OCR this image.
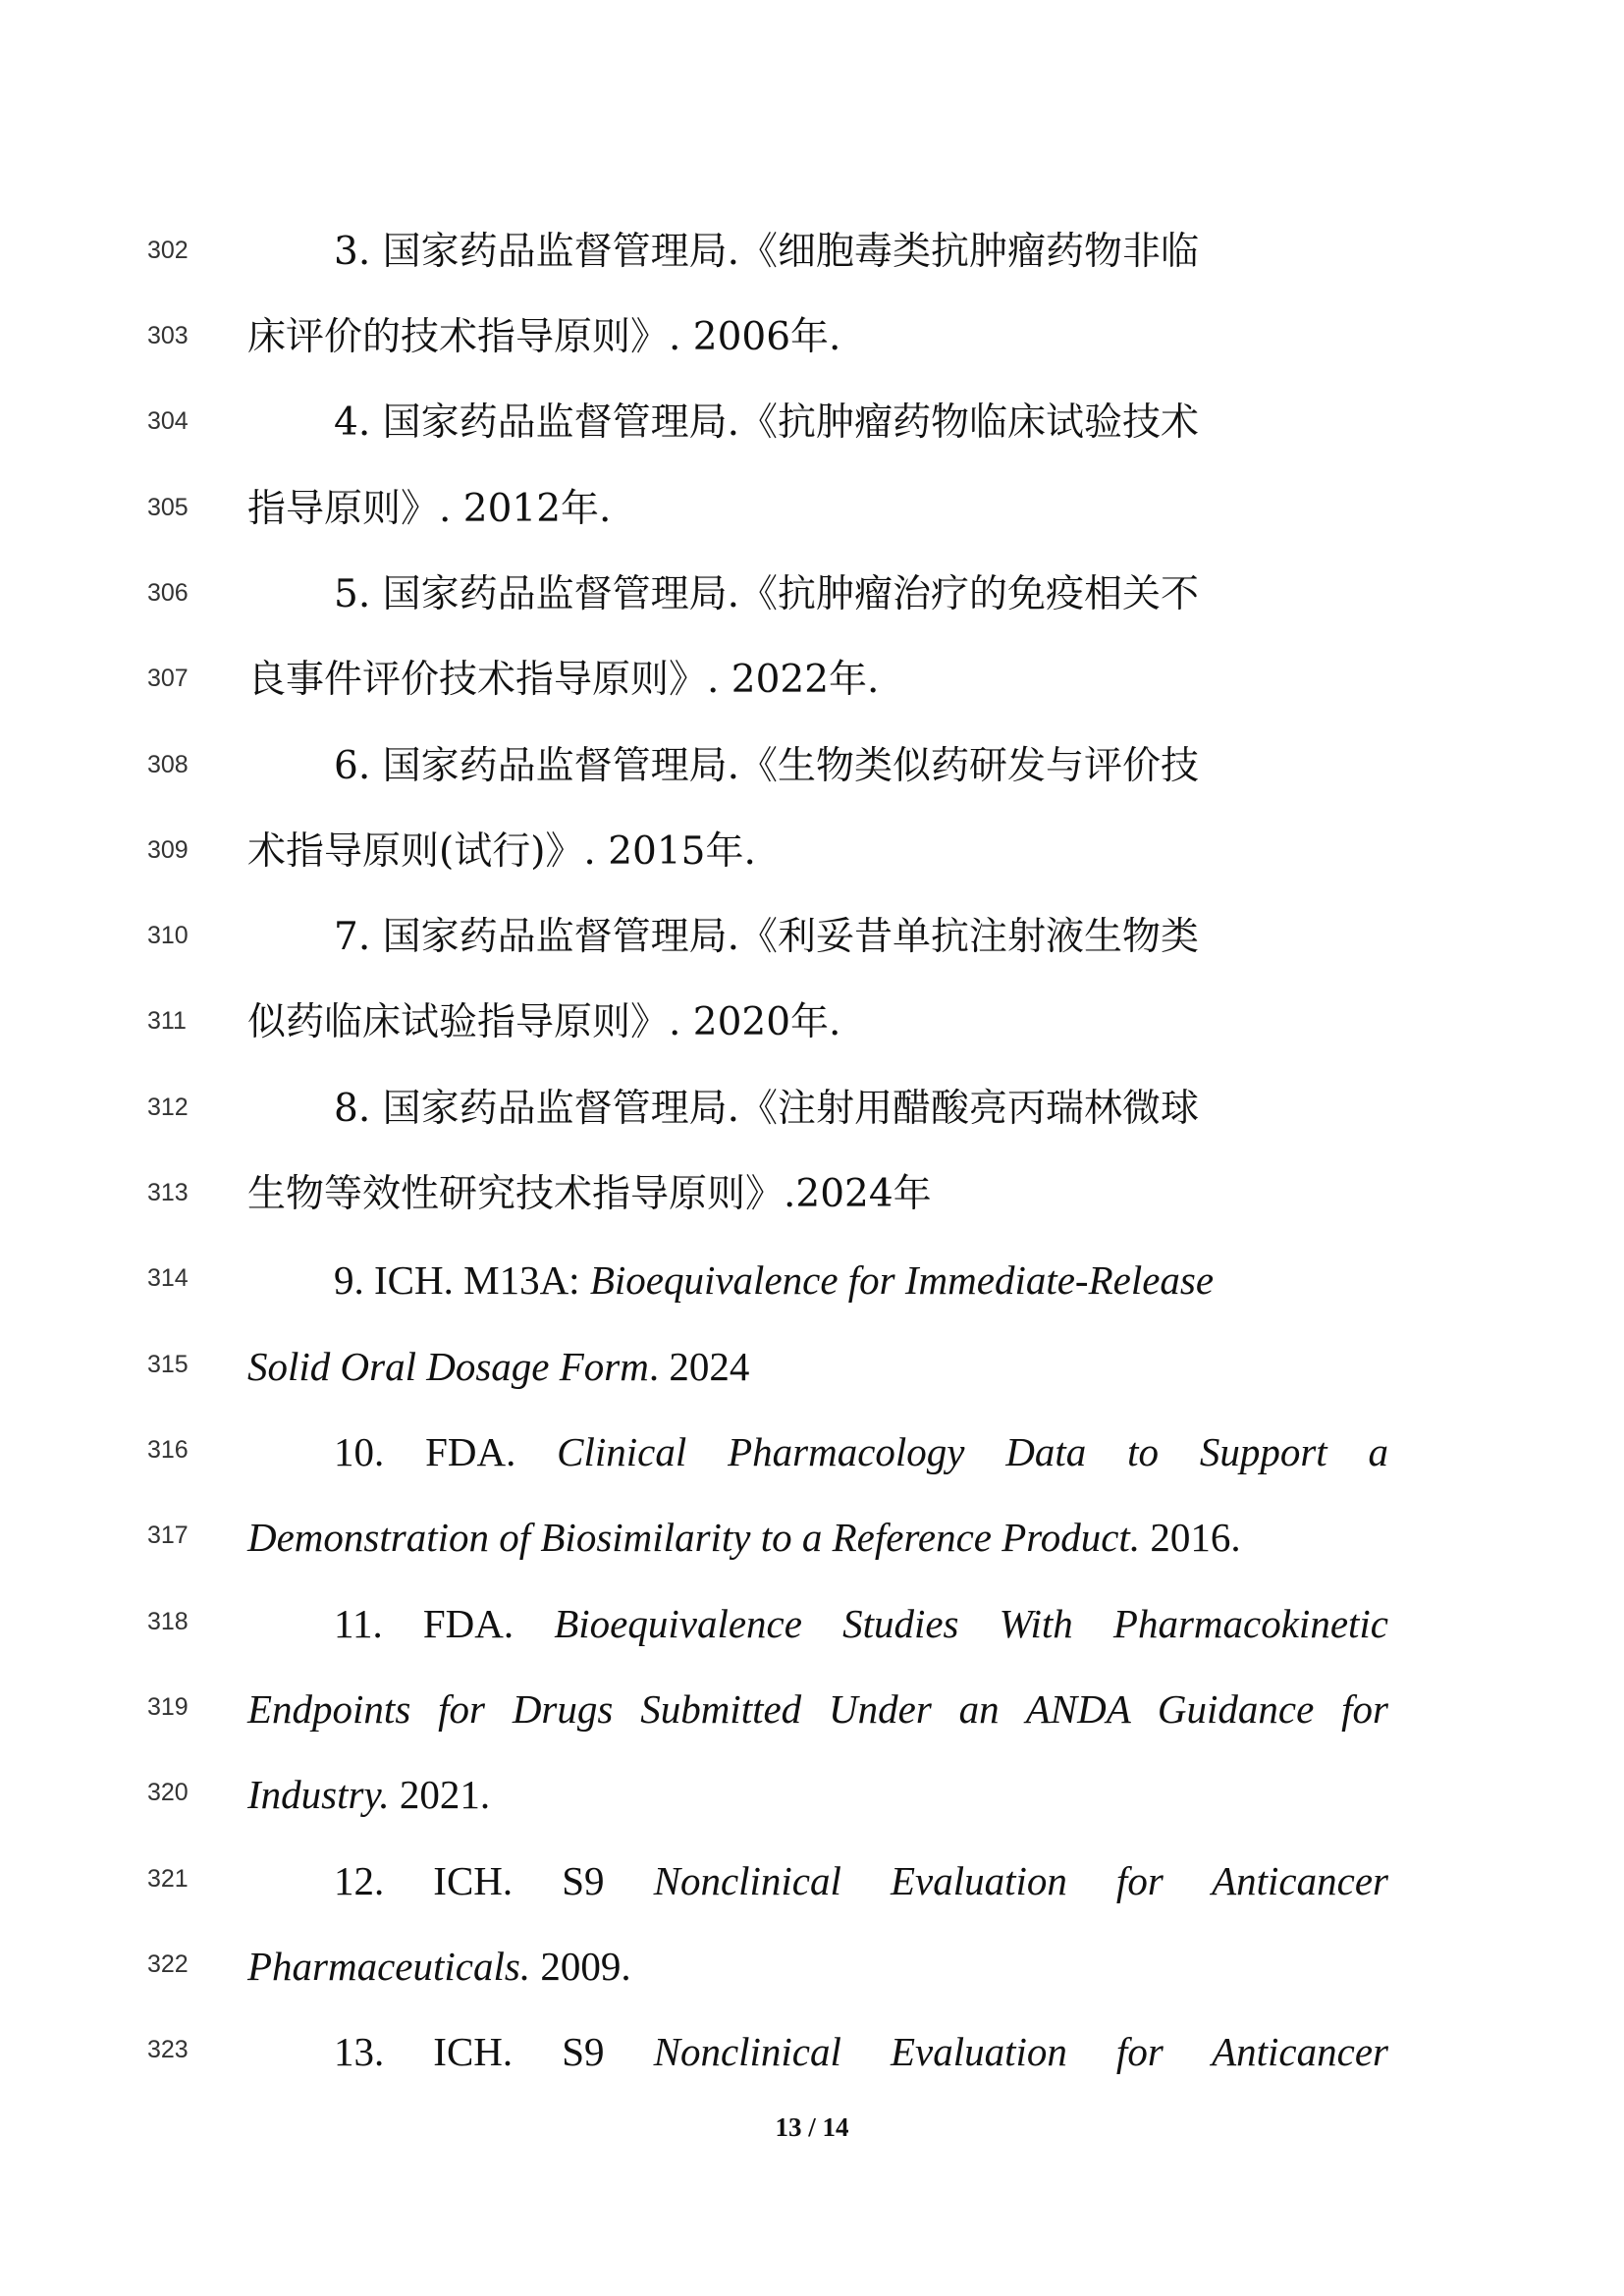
302	3. 国家药品监督管理局.《细胞毒类抗肿瘤药物非临
303 床评价的技术指导原则》. 2006年.
304	4. 国家药品监督管理局.《抗肿瘤药物临床试验技术
305 指导原则》. 2012年.
306	5. 国家药品监督管理局.《抗肿瘤治疗的免疫相关不
307 良事件评价技术指导原则》. 2022年.
308	6. 国家药品监督管理局.《生物类似药研发与评价技
309 术指导原则(试行)》. 2015年.
310	7. 国家药品监督管理局.《利妥昔单抗注射液生物类
311	似药临床试验指导原则》. 2020年.
312	8. 国家药品监督管理局.《注射用醋酸亮丙瑞林微球
313 生物等效性研究技术指导原则》.2024年
314	9. ICH. M13A: Bioequivalence for Immediate-Release
315 Solid Oral Dosage Form. 2024
316	10. FDA. Clinical Pharmacology Data to Support a
317 Demonstration of Biosimilarity to a Reference Product. 2016.
318	11. FDA. Bioequivalence Studies With Pharmacokinetic
319 Endpoints for Drugs Submitted Under an ANDA Guidance for
320 Industry. 2021.
321	12. ICH. S9 Nonclinical Evaluation for Anticancer
322 Pharmaceuticals. 2009.
323	13. ICH. S9 Nonclinical Evaluation for Anticancer
13 / 14
